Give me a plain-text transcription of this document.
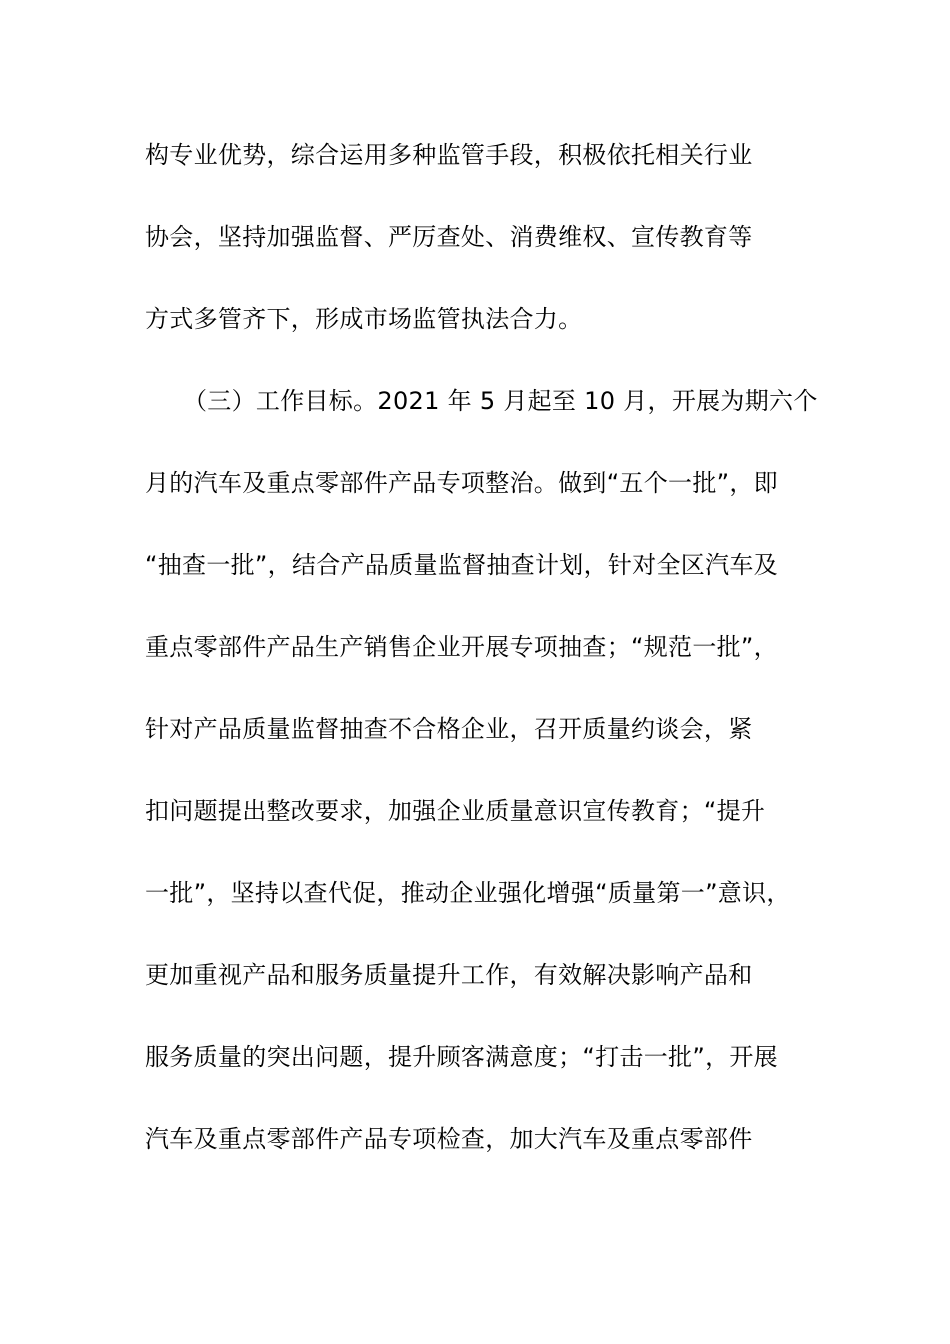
构专业优势，综合运用多种监管手段，积极依托相关行业
协会，坚持加强监督、严厉查处、消费维权、宣传教育等
方式多管齐下，形成市场监管执法合力。
（三）工作目标。2021 年 5 月起至 10 月，开展为期六个
月的汽车及重点零部件产品专项整治。做到“五个一批”，即
“抽查一批”，结合产品质量监督抽查计划，针对全区汽车及
重点零部件产品生产销售企业开展专项抽查；“规范一批”，
针对产品质量监督抽查不合格企业，召开质量约谈会，紧
扣问题提出整改要求，加强企业质量意识宣传教育；“提升
一批”，坚持以查代促，推动企业强化增强“质量第一”意识，
更加重视产品和服务质量提升工作，有效解决影响产品和
服务质量的突出问题，提升顾客满意度；“打击一批”，开展
汽车及重点零部件产品专项检查，加大汽车及重点零部件
